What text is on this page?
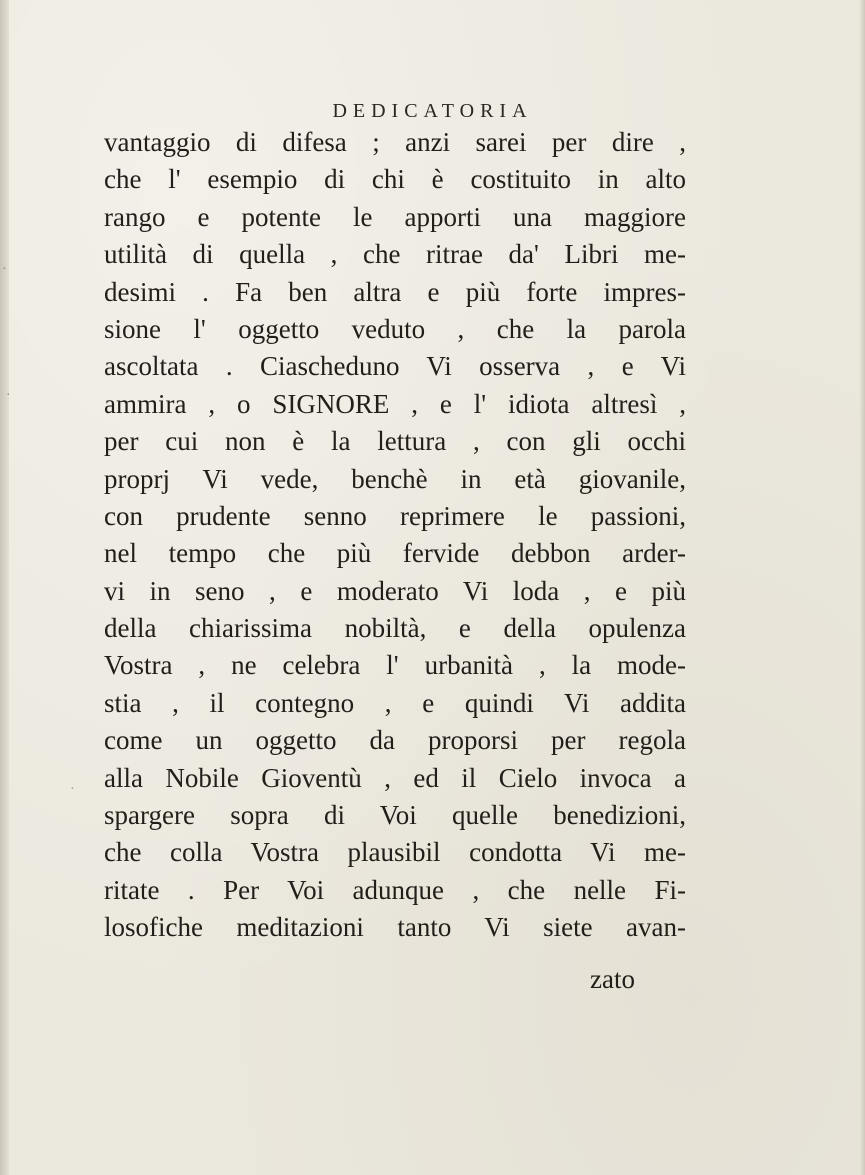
·
·
·
DEDICATORIA
vantaggio di difesa ; anzi sarei per dire ,
che l' esempio di chi è costituito in alto
rango e potente le apporti una maggiore
utilità di quella , che ritrae da' Libri me-
desimi . Fa ben altra e più forte impres-
sione l' oggetto veduto , che la parola
ascoltata . Ciascheduno Vi osserva , e Vi
ammira , o SIGNORE , e l' idiota altresì ,
per cui non è la lettura , con gli occhi
proprj Vi vede, benchè in età giovanile,
con prudente senno reprimere le passioni,
nel tempo che più fervide debbon arder-
vi in seno , e moderato Vi loda , e più
della chiarissima nobiltà, e della opulenza
Vostra , ne celebra l' urbanità , la mode-
stia , il contegno , e quindi Vi addita
come un oggetto da proporsi per regola
alla Nobile Gioventù , ed il Cielo invoca a
spargere sopra di Voi quelle benedizioni,
che colla Vostra plausibil condotta Vi me-
ritate . Per Voi adunque , che nelle Fi-
losofiche meditazioni tanto Vi siete avan-
zato
